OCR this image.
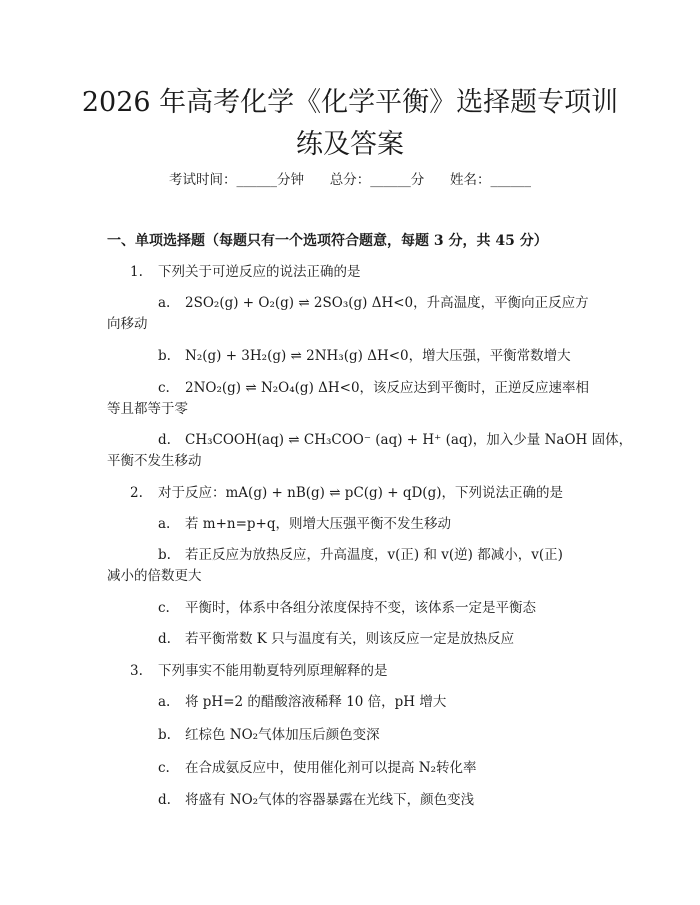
2026 年高考化学《化学平衡》选择题专项训
练及答案
考试时间：______分钟      总分：______分      姓名：______
一、单项选择题（每题只有一个选项符合题意，每题 3 分，共 45 分）
1. 下列关于可逆反应的说法正确的是
a. 2SO₂(g) + O₂(g) ⇌ 2SO₃(g) ΔH<0，升高温度，平衡向正反应方
向移动
b. N₂(g) + 3H₂(g) ⇌ 2NH₃(g) ΔH<0，增大压强，平衡常数增大
c. 2NO₂(g) ⇌ N₂O₄(g) ΔH<0，该反应达到平衡时，正逆反应速率相
等且都等于零
d. CH₃COOH(aq) ⇌ CH₃COO⁻ (aq) + H⁺ (aq)，加入少量 NaOH 固体，
平衡不发生移动
2. 对于反应：mA(g) + nB(g) ⇌ pC(g) + qD(g)，下列说法正确的是
a. 若 m+n=p+q，则增大压强平衡不发生移动
b. 若正反应为放热反应，升高温度，v(正) 和 v(逆) 都减小，v(正)
减小的倍数更大
c. 平衡时，体系中各组分浓度保持不变，该体系一定是平衡态
d. 若平衡常数 K 只与温度有关，则该反应一定是放热反应
3. 下列事实不能用勒夏特列原理解释的是
a. 将 pH=2 的醋酸溶液稀释 10 倍，pH 增大
b. 红棕色 NO₂气体加压后颜色变深
c. 在合成氨反应中，使用催化剂可以提高 N₂转化率
d. 将盛有 NO₂气体的容器暴露在光线下，颜色变浅
